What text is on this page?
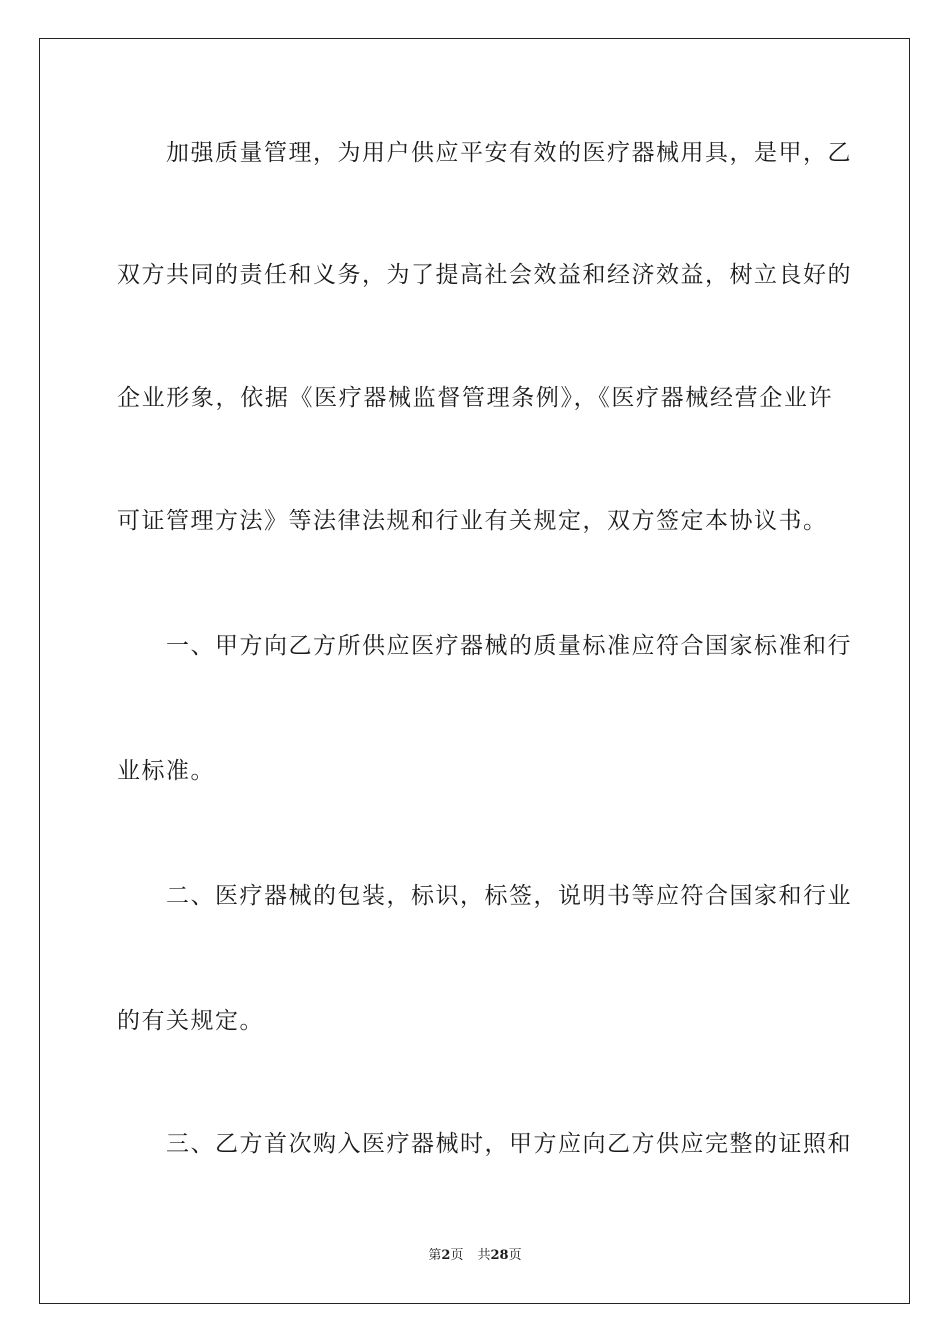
　　加强质量管理，为用户供应平安有效的医疗器械用具，是甲，乙
双方共同的责任和义务，为了提高社会效益和经济效益，树立良好的
企业形象，依据《医疗器械监督管理条例》，《医疗器械经营企业许
可证管理方法》等法律法规和行业有关规定，双方签定本协议书。
　　一、甲方向乙方所供应医疗器械的质量标准应符合国家标准和行
业标准。
　　二、医疗器械的包装，标识，标签，说明书等应符合国家和行业
的有关规定。
　　三、乙方首次购入医疗器械时，甲方应向乙方供应完整的证照和
第2页 共28页
